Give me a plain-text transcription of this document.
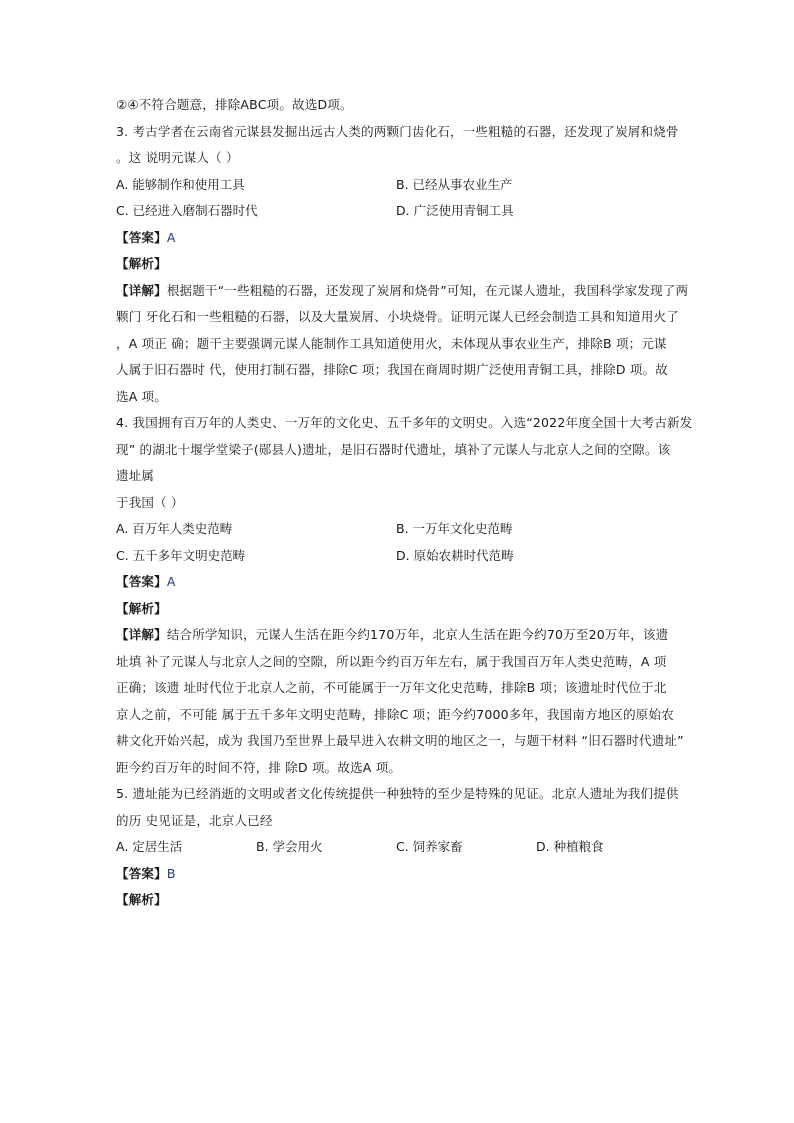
②④不符合题意，排除ABC项。故选D项。
3. 考古学者在云南省元谋县发掘出远古人类的两颗门齿化石，一些粗糙的石器，还发现了炭屑和烧骨
。这 说明元谋人（ ）
A. 能够制作和使用工具	B. 已经从事农业生产
C. 已经进入磨制石器时代	D. 广泛使用青铜工具
【答案】A
【解析】
【详解】根据题干“一些粗糙的石器，还发现了炭屑和烧骨”可知，在元谋人遗址，我国科学家发现了两
颗门 牙化石和一些粗糙的石器，以及大量炭屑、小块烧骨。证明元谋人已经会制造工具和知道用火了
，A 项正 确；题干主要强调元谋人能制作工具知道使用火，未体现从事农业生产，排除B 项；元谋
人属于旧石器时 代，使用打制石器，排除C 项；我国在商周时期广泛使用青铜工具，排除D 项。故
选A 项。
4. 我国拥有百万年的人类史、一万年的文化史、五千多年的文明史。入选“2022年度全国十大考古新发
现” 的湖北十堰学堂梁子(郧县人)遗址，是旧石器时代遗址，填补了元谋人与北京人之间的空隙。该
遗址属
于我国（ ）
A. 百万年人类史范畴	B. 一万年文化史范畴
C. 五千多年文明史范畴	D. 原始农耕时代范畴
【答案】A
【解析】
【详解】结合所学知识，元谋人生活在距今约170万年，北京人生活在距今约70万至20万年，该遗
址填 补了元谋人与北京人之间的空隙，所以距今约百万年左右，属于我国百万年人类史范畴，A 项
正确；该遗 址时代位于北京人之前，不可能属于一万年文化史范畴，排除B 项；该遗址时代位于北
京人之前，不可能 属于五千多年文明史范畴，排除C 项；距今约7000多年，我国南方地区的原始农
耕文化开始兴起，成为 我国乃至世界上最早进入农耕文明的地区之一，与题干材料 “旧石器时代遗址”
距今约百万年的时间不符，排 除D 项。故选A 项。
5. 遗址能为已经消逝的文明或者文化传统提供一种独特的至少是特殊的见证。北京人遗址为我们提供
的历 史见证是，北京人已经
A. 定居生活	B. 学会用火	C. 饲养家畜	D. 种植粮食
【答案】B
【解析】
